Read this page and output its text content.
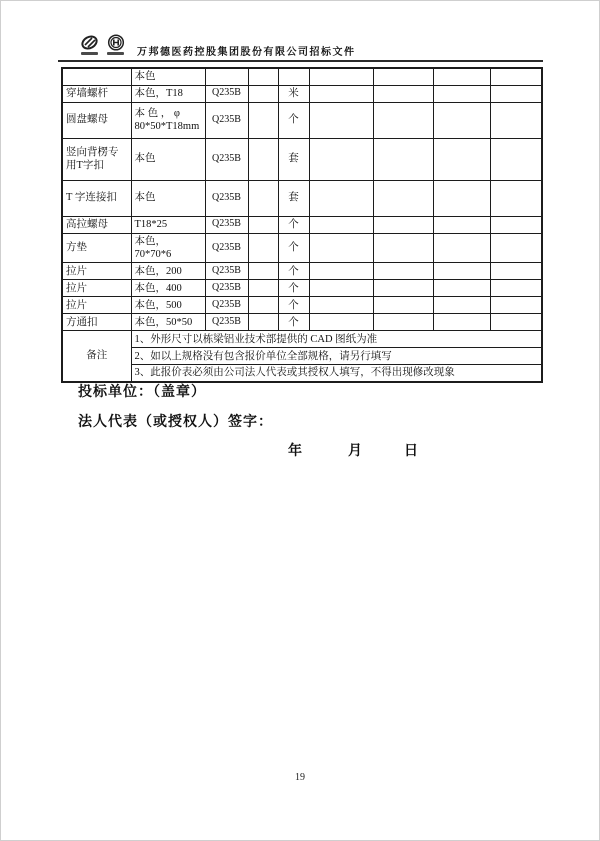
万邦德医药控股集团股份有限公司招标文件
	本色							
穿墙螺杆	本色，T18	Q235B		米				
圆盘螺母	本 色 ， φ 80*50*T18mm	Q235B		个				
竖向背楞专用T字扣	本色	Q235B		套				
T 字连接扣	本色	Q235B		套				
高拉螺母	T18*25	Q235B		个				
方垫	本色，70*70*6	Q235B		个				
拉片	本色，200	Q235B		个				
拉片	本色，400	Q235B		个				
拉片	本色，500	Q235B		个				
方通扣	本色，50*50	Q235B		个				
备注	1、外形尺寸以栋梁铝业技术部提供的 CAD 图纸为准							
	2、如以上规格没有包含报价单位全部规格，请另行填写							
	3、此报价表必须由公司法人代表或其授权人填写，不得出现修改现象							
投标单位：（盖章）
法人代表（或授权人）签字：
年	月	日
19
